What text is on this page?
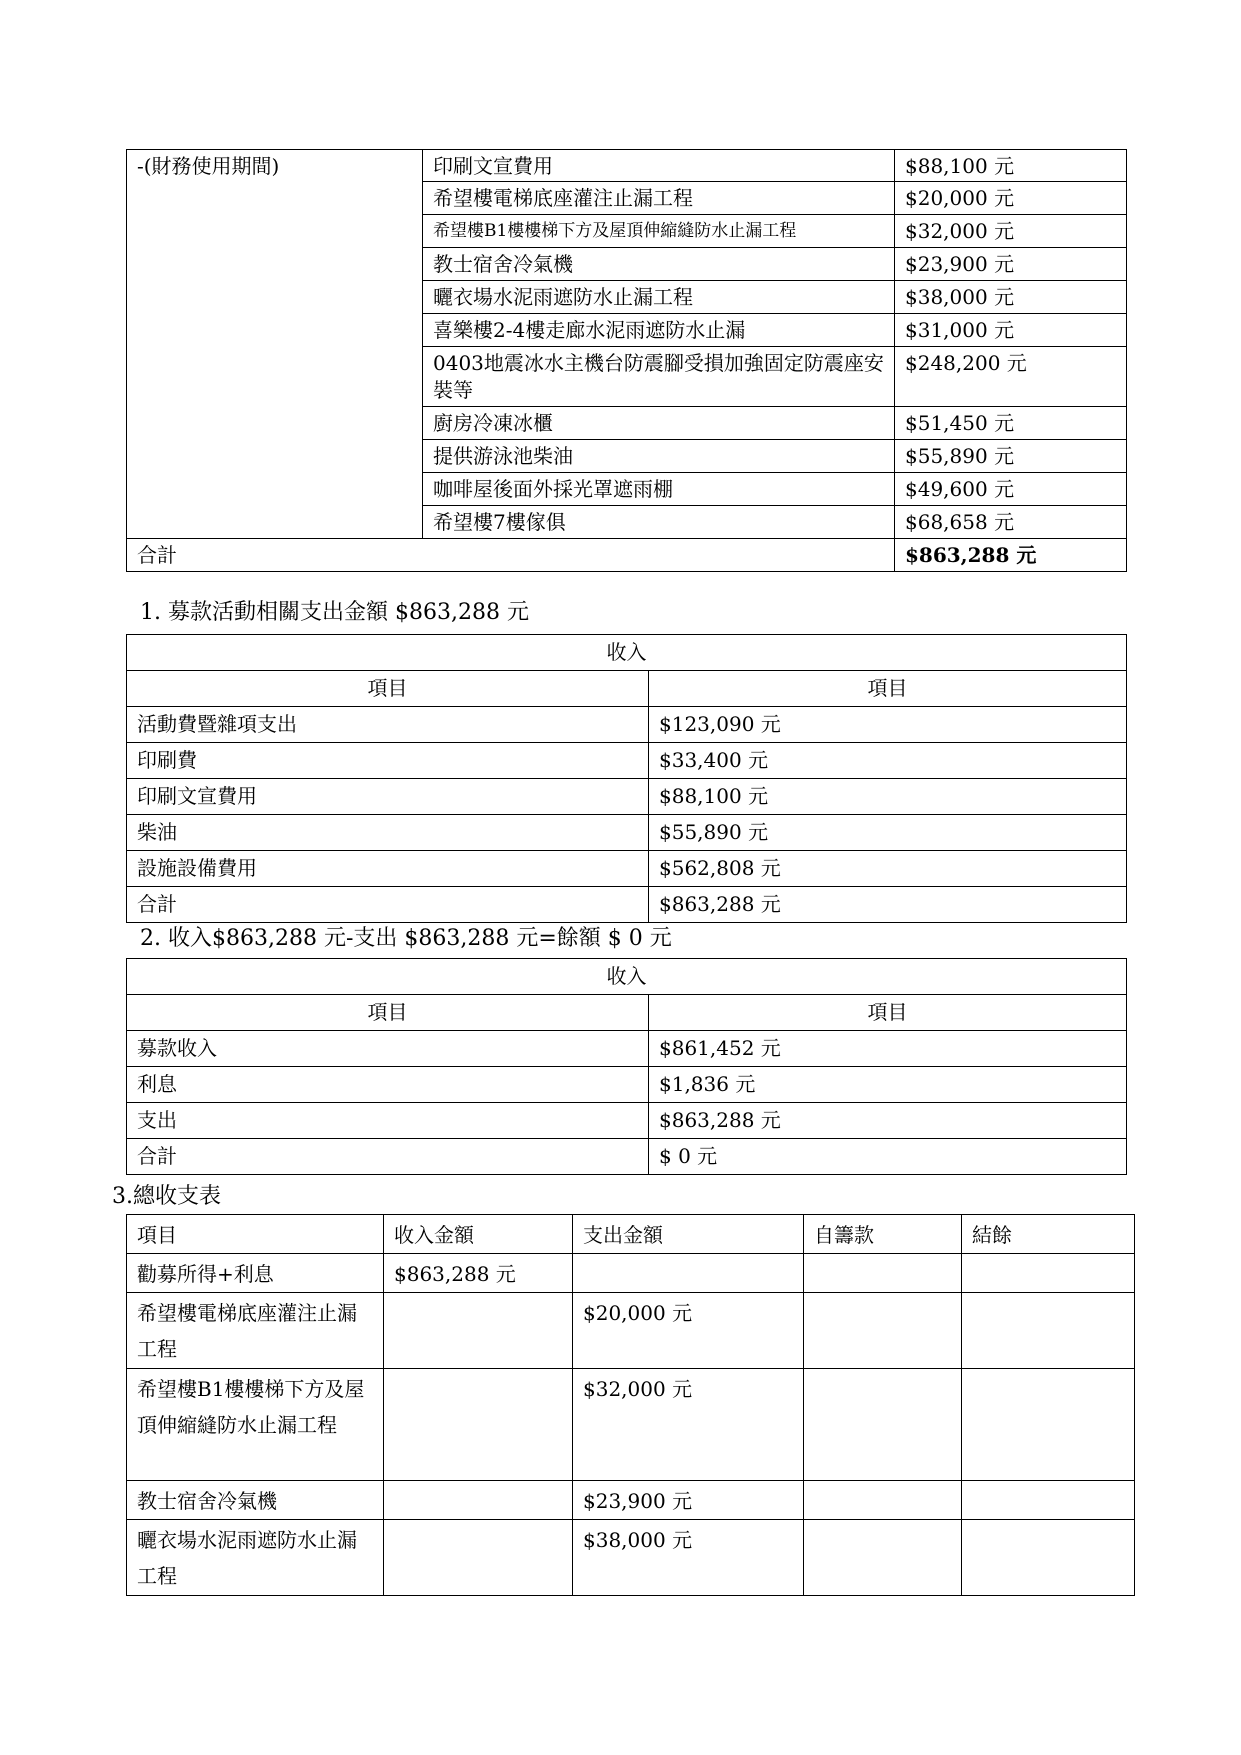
-(財務使用期間)	印刷文宣費用	$88,100 元
	希望樓電梯底座灌注止漏工程	$20,000 元
	希望樓B1樓樓梯下方及屋頂伸縮縫防水止漏工程	$32,000 元
	教士宿舍冷氣機	$23,900 元
	曬衣場水泥雨遮防水止漏工程	$38,000 元
	喜樂樓2-4樓走廊水泥雨遮防水止漏	$31,000 元
	0403地震冰水主機台防震腳受損加強固定防震座安裝等	$248,200 元
	廚房冷凍冰櫃	$51,450 元
	提供游泳池柴油	$55,890 元
	咖啡屋後面外採光罩遮雨棚	$49,600 元
	希望樓7樓傢俱	$68,658 元
合計		$863,288 元
1. 募款活動相關支出金額 $863,288 元
收入	
項目	項目
活動費暨雜項支出	$123,090 元
印刷費	$33,400 元
印刷文宣費用	$88,100 元
柴油	$55,890 元
設施設備費用	$562,808 元
合計	$863,288 元
2. 收入$863,288 元-支出 $863,288 元=餘額 $ 0 元
收入	
項目	項目
募款收入	$861,452 元
利息	$1,836 元
支出	$863,288 元
合計	$ 0 元
3.總收支表
項目	收入金額	支出金額	自籌款	結餘
勸募所得+利息	$863,288 元			
希望樓電梯底座灌注止漏工程		$20,000 元		
希望樓B1樓樓梯下方及屋頂伸縮縫防水止漏工程		$32,000 元		
教士宿舍冷氣機		$23,900 元		
曬衣場水泥雨遮防水止漏工程		$38,000 元		
